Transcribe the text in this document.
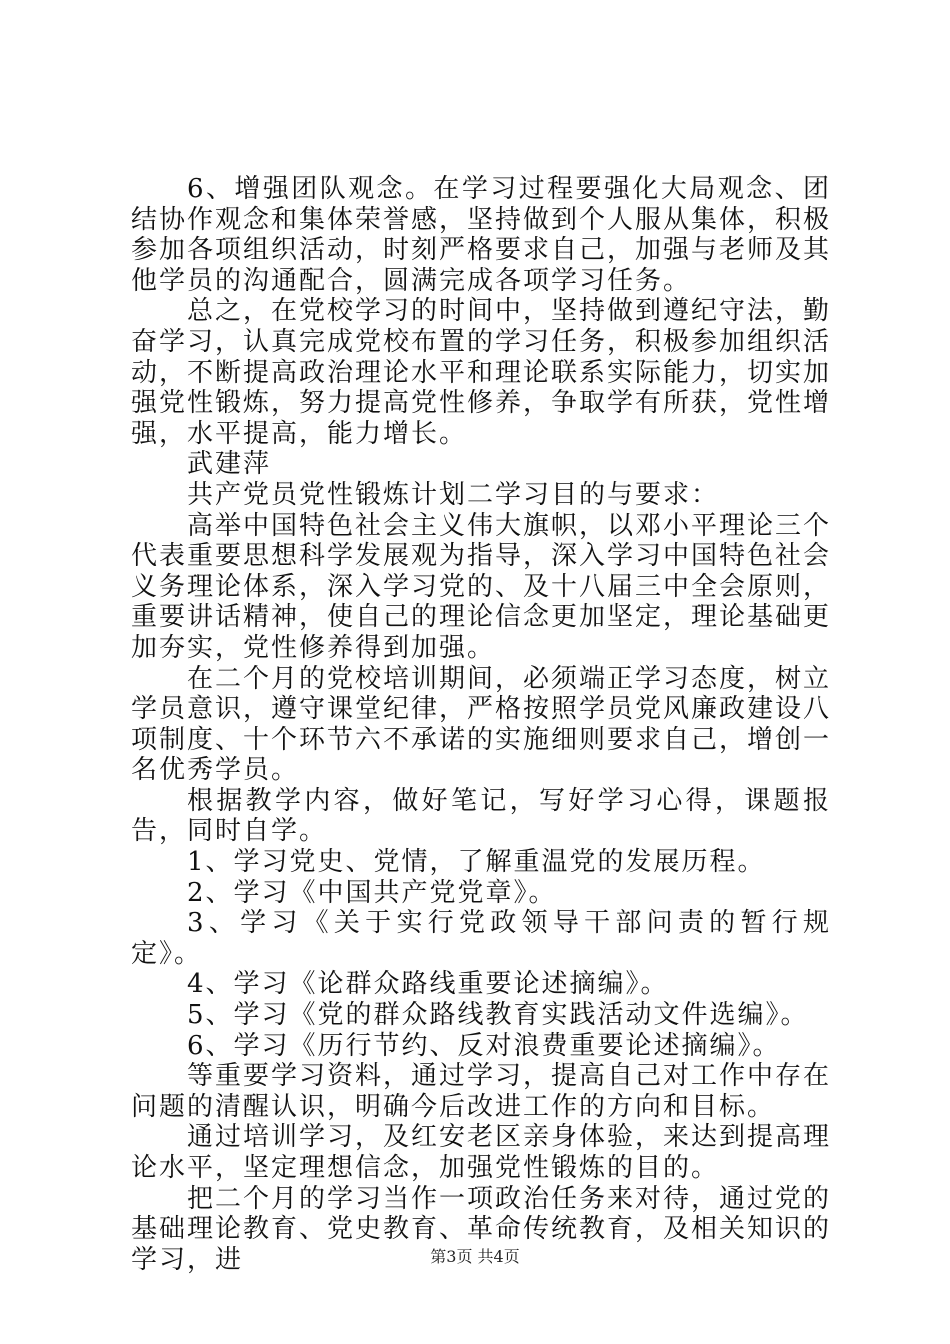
6、增强团队观念。在学习过程要强化大局观念、团结协作观念和集体荣誉感，坚持做到个人服从集体，积极参加各项组织活动，时刻严格要求自己，加强与老师及其他学员的沟通配合，圆满完成各项学习任务。

总之，在党校学习的时间中，坚持做到遵纪守法，勤奋学习，认真完成党校布置的学习任务，积极参加组织活动，不断提高政治理论水平和理论联系实际能力，切实加强党性锻炼，努力提高党性修养，争取学有所获，党性增强，水平提高，能力增长。

武建萍

共产党员党性锻炼计划二学习目的与要求：

高举中国特色社会主义伟大旗帜，以邓小平理论三个代表重要思想科学发展观为指导，深入学习中国特色社会义务理论体系，深入学习党的、及十八届三中全会原则，重要讲话精神，使自己的理论信念更加坚定，理论基础更加夯实，党性修养得到加强。

在二个月的党校培训期间，必须端正学习态度，树立学员意识，遵守课堂纪律，严格按照学员党风廉政建设八项制度、十个环节六不承诺的实施细则要求自己，增创一名优秀学员。

根据教学内容，做好笔记，写好学习心得，课题报告，同时自学。

1、学习党史、党情，了解重温党的发展历程。

2、学习《中国共产党党章》。

3、学习《关于实行党政领导干部问责的暂行规定》。

4、学习《论群众路线重要论述摘编》。

5、学习《党的群众路线教育实践活动文件选编》。

6、学习《历行节约、反对浪费重要论述摘编》。

等重要学习资料，通过学习，提高自己对工作中存在问题的清醒认识，明确今后改进工作的方向和目标。

通过培训学习，及红安老区亲身体验，来达到提高理论水平，坚定理想信念，加强党性锻炼的目的。

把二个月的学习当作一项政治任务来对待，通过党的基础理论教育、党史教育、革命传统教育，及相关知识的学习，进	第3页 共4页
